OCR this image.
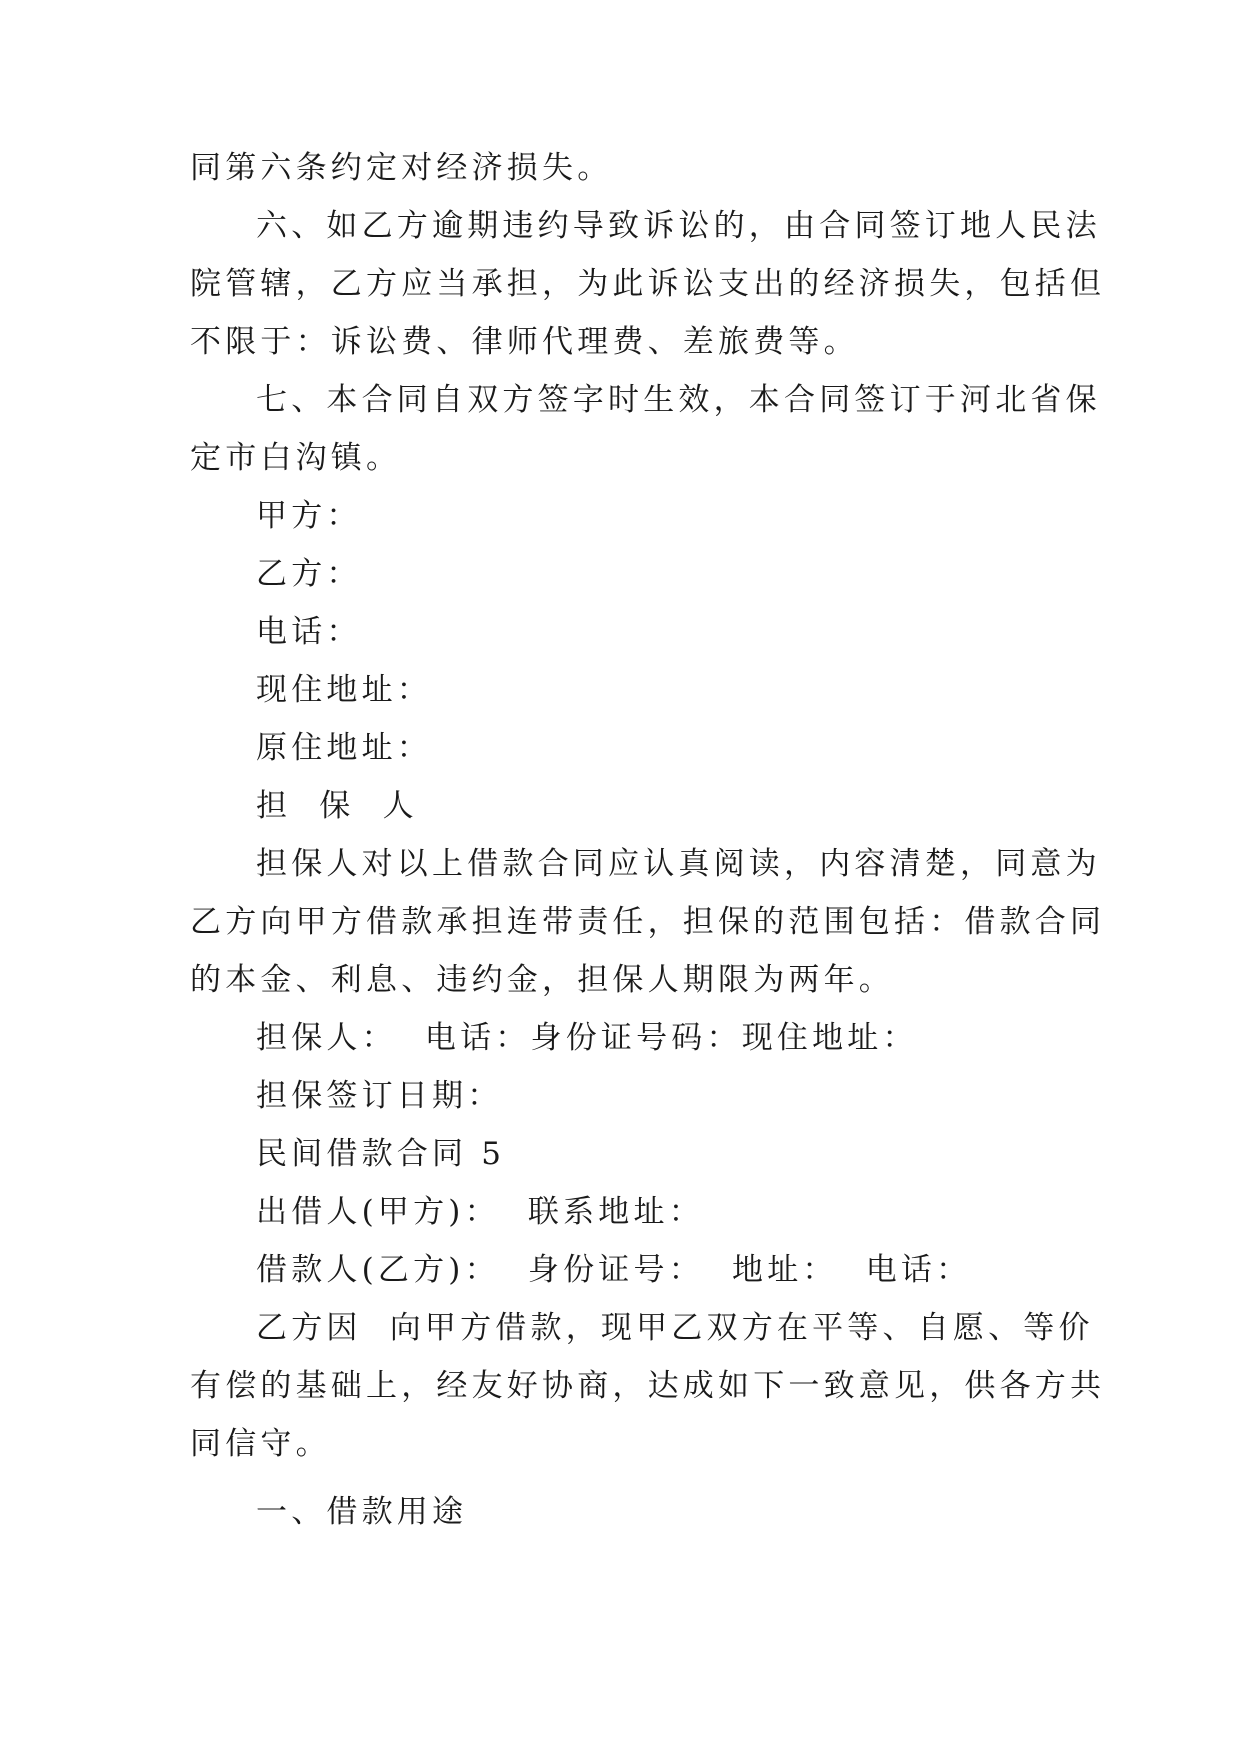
同第六条约定对经济损失。
六、如乙方逾期违约导致诉讼的，由合同签订地人民法
院管辖，乙方应当承担，为此诉讼支出的经济损失，包括但
不限于：诉讼费、律师代理费、差旅费等。
七、本合同自双方签字时生效，本合同签订于河北省保
定市白沟镇。
甲方：
乙方：
电话：
现住地址：
原住地址：
担  保  人
担保人对以上借款合同应认真阅读，内容清楚，同意为
乙方向甲方借款承担连带责任，担保的范围包括：借款合同
的本金、利息、违约金，担保人期限为两年。
担保人：  电话：身份证号码：现住地址：
担保签订日期：
民间借款合同 5
出借人(甲方)：  联系地址：
借款人(乙方)：  身份证号：  地址：  电话：
乙方因  向甲方借款，现甲乙双方在平等、自愿、等价
有偿的基础上，经友好协商，达成如下一致意见，供各方共
同信守。
一、借款用途
